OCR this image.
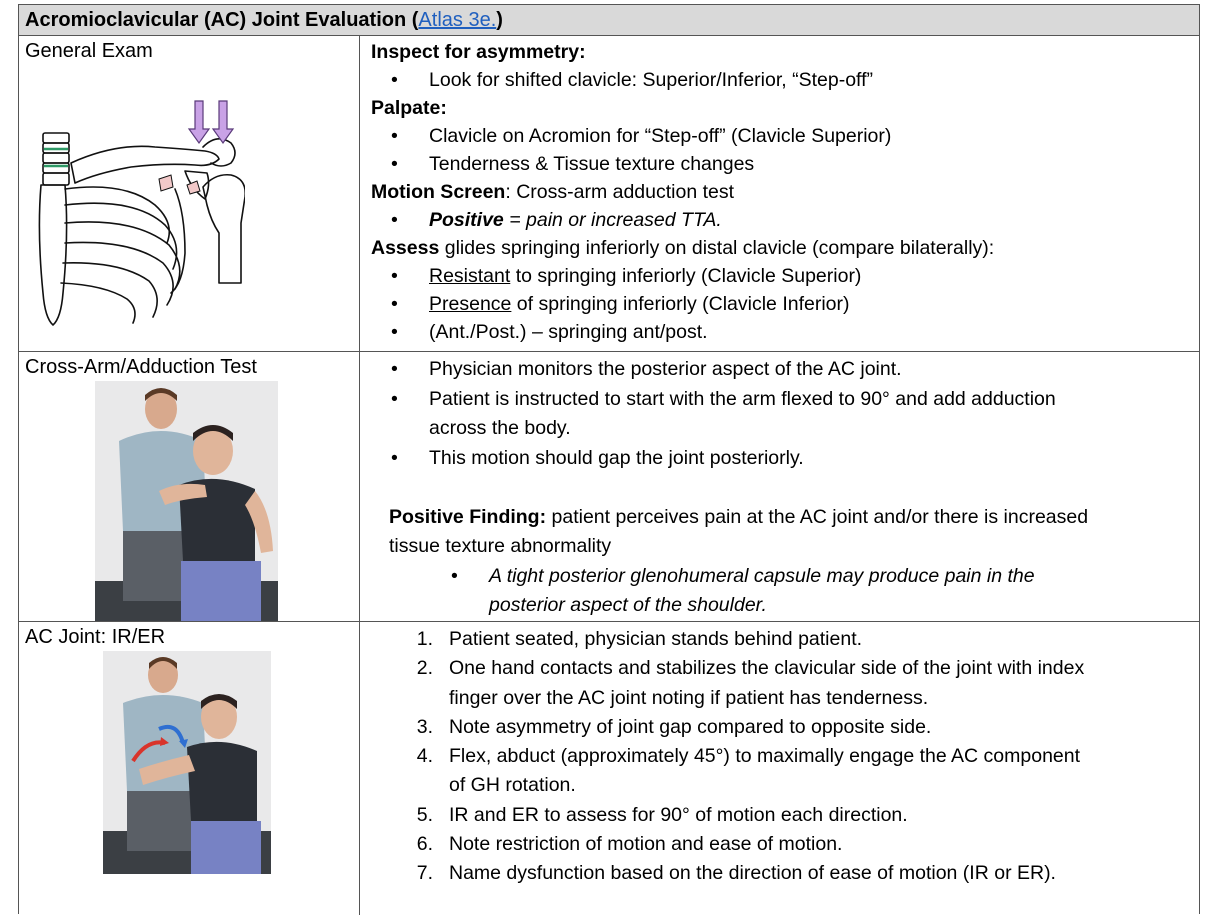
Acromioclavicular (AC) Joint Evaluation (Atlas 3e.)
General Exam	Inspect for asymmetry:
• Look for shifted clavicle: Superior/Inferior, “Step-off”
Palpate:
• Clavicle on Acromion for “Step-off” (Clavicle Superior)
• Tenderness & Tissue texture changes
Motion Screen: Cross-arm adduction test
• Positive = pain or increased TTA.
Assess glides springing inferiorly on distal clavicle (compare bilaterally):
• Resistant to springing inferiorly (Clavicle Superior)
• Presence of springing inferiorly (Clavicle Inferior)
• (Ant./Post.) – springing ant/post.
Cross-Arm/Adduction Test	• Physician monitors the posterior aspect of the AC joint.
• Patient is instructed to start with the arm flexed to 90° and add adduction
across the body.
• This motion should gap the joint posteriorly.
Positive Finding: patient perceives pain at the AC joint and/or there is increased
tissue texture abnormality
• A tight posterior glenohumeral capsule may produce pain in the
posterior aspect of the shoulder.
AC Joint: IR/ER	1. Patient seated, physician stands behind patient.
2. One hand contacts and stabilizes the clavicular side of the joint with index
finger over the AC joint noting if patient has tenderness.
3. Note asymmetry of joint gap compared to opposite side.
4. Flex, abduct (approximately 45°) to maximally engage the AC component
of GH rotation.
5. IR and ER to assess for 90° of motion each direction.
6. Note restriction of motion and ease of motion.
7. Name dysfunction based on the direction of ease of motion (IR or ER).
